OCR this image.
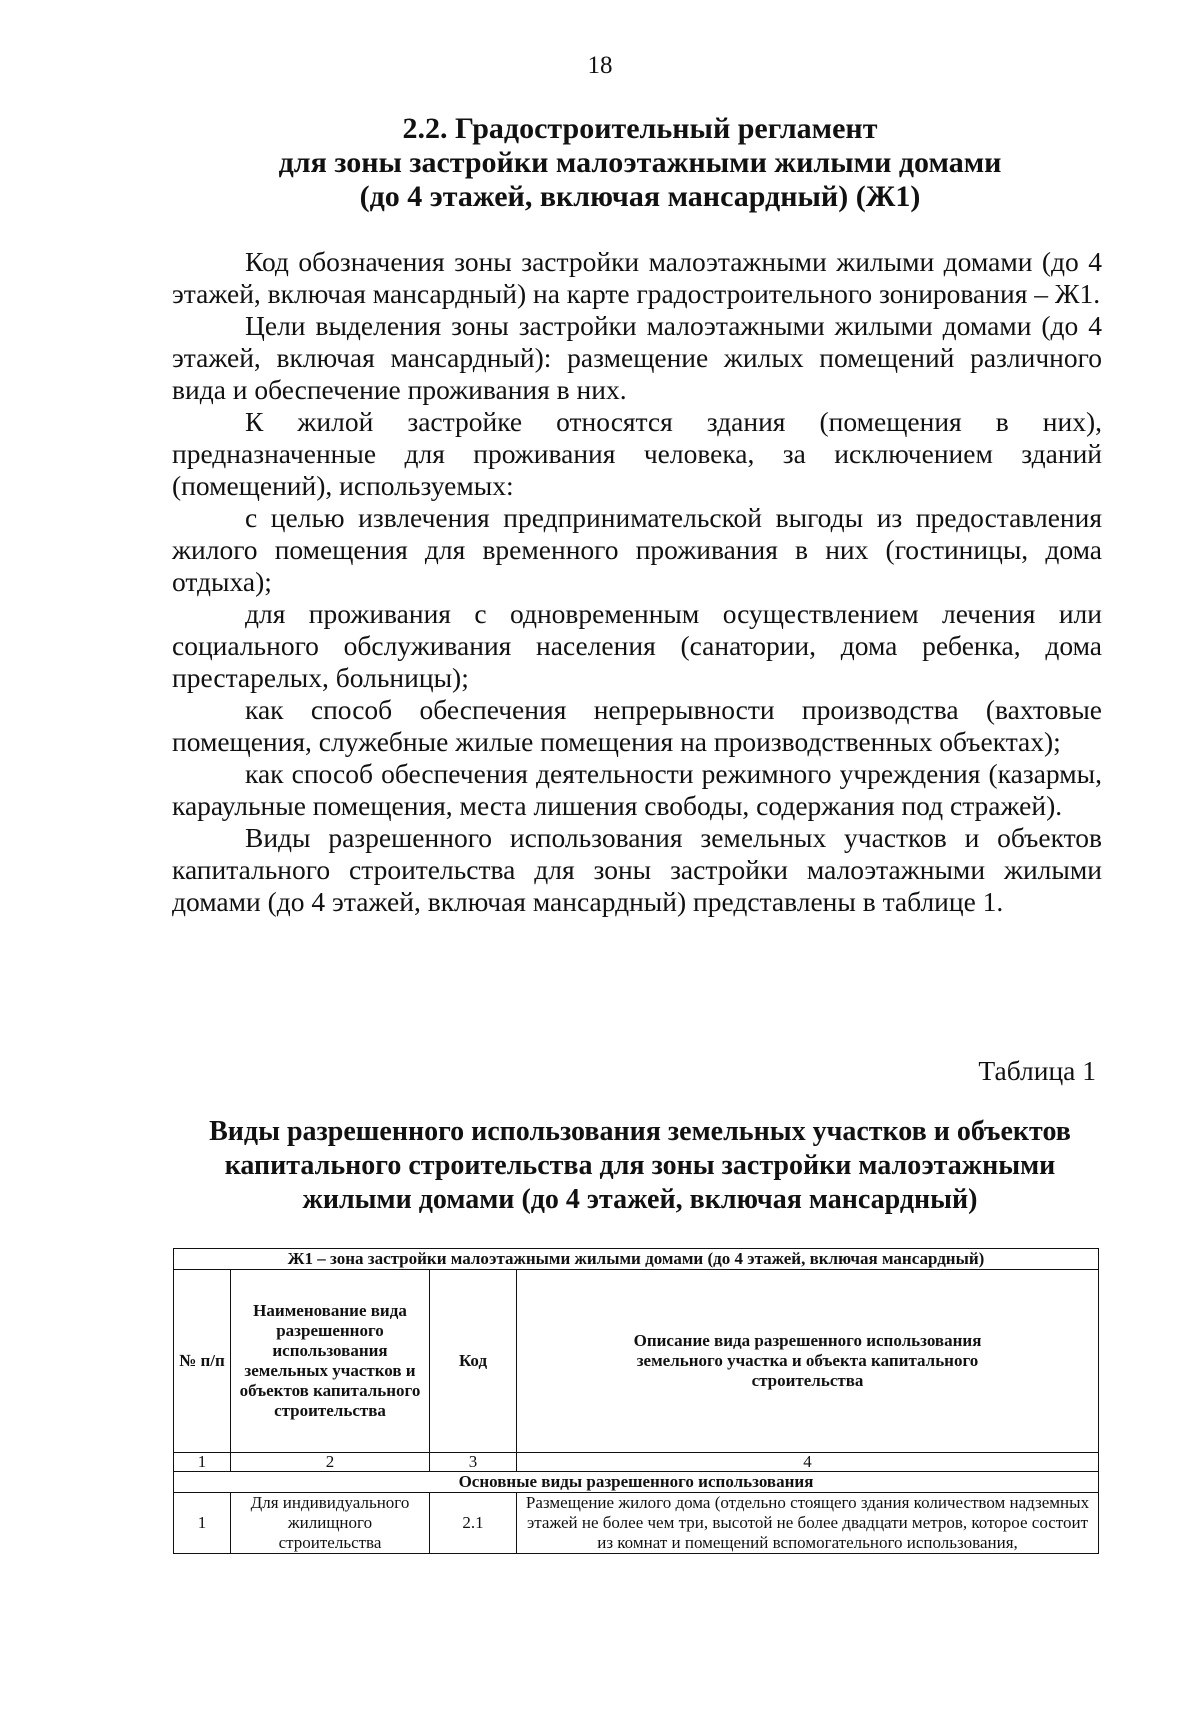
18
2.2. Градостроительный регламент
для зоны застройки малоэтажными жилыми домами
(до 4 этажей, включая мансардный) (Ж1)

Код обозначения зоны застройки малоэтажными жилыми домами (до 4 этажей, включая мансардный) на карте градостроительного зонирования – Ж1.

Цели выделения зоны застройки малоэтажными жилыми домами (до 4 этажей, включая мансардный): размещение жилых помещений различного вида и обеспечение проживания в них.

К жилой застройке относятся здания (помещения в них), предназначенные для проживания человека, за исключением зданий (помещений), используемых:

с целью извлечения предпринимательской выгоды из предоставления жилого помещения для временного проживания в них (гостиницы, дома отдыха);

для проживания с одновременным осуществлением лечения или социального обслуживания населения (санатории, дома ребенка, дома престарелых, больницы);

как способ обеспечения непрерывности производства (вахтовые помещения, служебные жилые помещения на производственных объектах);

как способ обеспечения деятельности режимного учреждения (казармы, караульные помещения, места лишения свободы, содержания под стражей).

Виды разрешенного использования земельных участков и объектов капитального строительства для зоны застройки малоэтажными жилыми домами (до 4 этажей, включая мансардный) представлены в таблице 1.

Таблица 1
Виды разрешенного использования земельных участков и объектов
капитального строительства для зоны застройки малоэтажными
жилыми домами (до 4 этажей, включая мансардный)
Ж1 – зона застройки малоэтажными жилыми домами (до 4 этажей, включая мансардный)			
№ п/п	Наименование вида разрешенного использования земельных участков и объектов капитального строительства	Код	Описание вида разрешенного использования земельного участка и объекта капитального строительства
1	2	3	4
Основные виды разрешенного использования			
1	Для индивидуального жилищного строительства	2.1	Размещение жилого дома (отдельно стоящего здания количеством надземных этажей не более чем три, высотой не более двадцати метров, которое состоит из комнат и помещений вспомогательного использования,
